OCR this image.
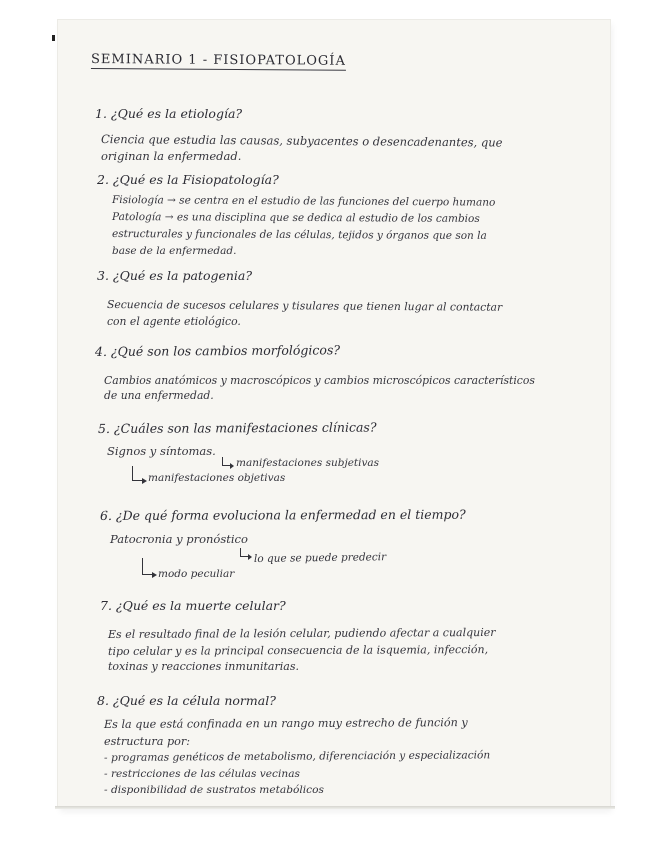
SEMINARIO 1 - FISIOPATOLOGÍA
1. ¿Qué es la etiología?
Ciencia que estudia las causas, subyacentes o desencadenantes, que
originan la enfermedad.
2. ¿Qué es la Fisiopatología?
Fisiología → se centra en el estudio de las funciones del cuerpo humano
Patología → es una disciplina que se dedica al estudio de los cambios
estructurales y funcionales de las células, tejidos y órganos que son la
base de la enfermedad.
3. ¿Qué es la patogenia?
Secuencia de sucesos celulares y tisulares que tienen lugar al contactar
con el agente etiológico.
4. ¿Qué son los cambios morfológicos?
Cambios anatómicos y macroscópicos y cambios microscópicos característicos
de una enfermedad.
5. ¿Cuáles son las manifestaciones clínicas?
Signos y síntomas.
manifestaciones subjetivas
manifestaciones objetivas
6. ¿De qué forma evoluciona la enfermedad en el tiempo?
Patocronia y pronóstico
lo que se puede predecir
modo peculiar
7. ¿Qué es la muerte celular?
Es el resultado final de la lesión celular, pudiendo afectar a cualquier
tipo celular y es la principal consecuencia de la isquemia, infección,
toxinas y reacciones inmunitarias.
8. ¿Qué es la célula normal?
Es la que está confinada en un rango muy estrecho de función y
estructura por:
- programas genéticos de metabolismo, diferenciación y especialización
- restricciones de las células vecinas
- disponibilidad de sustratos metabólicos
